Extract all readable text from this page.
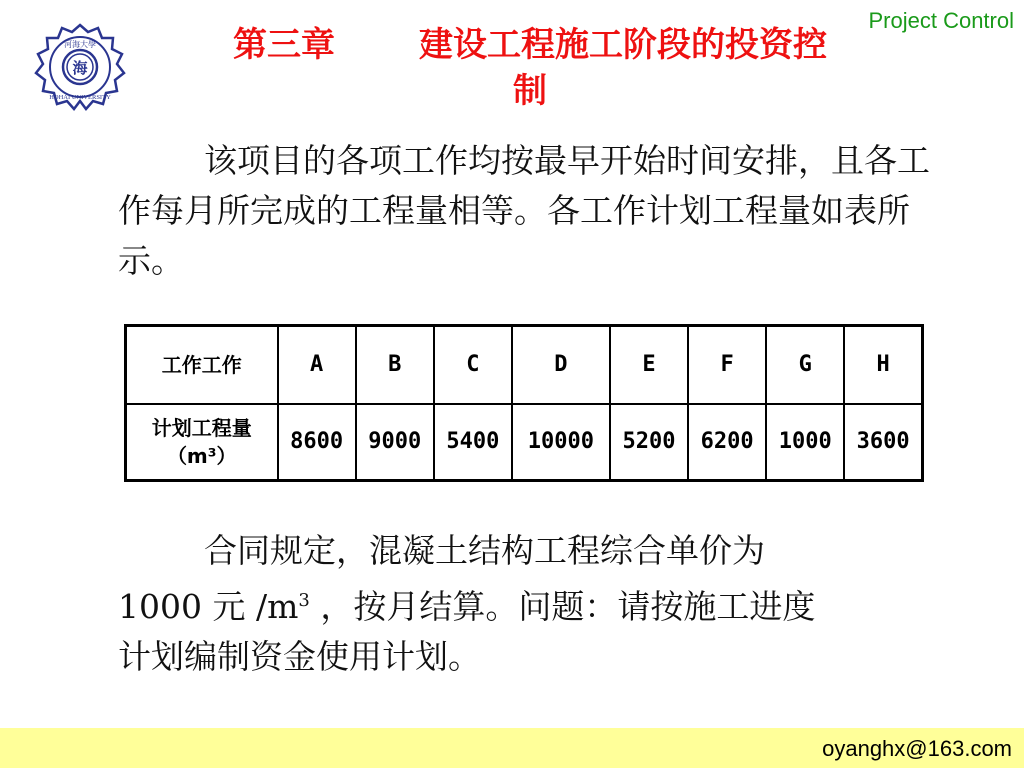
Project Control
海
河海大學
HOHAI UNIVERSITY
第三章 建设工程施工阶段的投资控
制
该项目的各项工作均按最早开始时间安排，且各工作每月所完成的工程量相等。各工作计划工程量如表所示。
工作工作	A	B	C	D	E	F	G	H
计划工程量
（m³）	8600	9000	5400	10000	5200	6200	1000	3600
合同规定，混凝土结构工程综合单价为
1000 元 $/m^3$ ，按月结算。问题：请按施工进度
计划编制资金使用计划。
oyanghx@163.com
